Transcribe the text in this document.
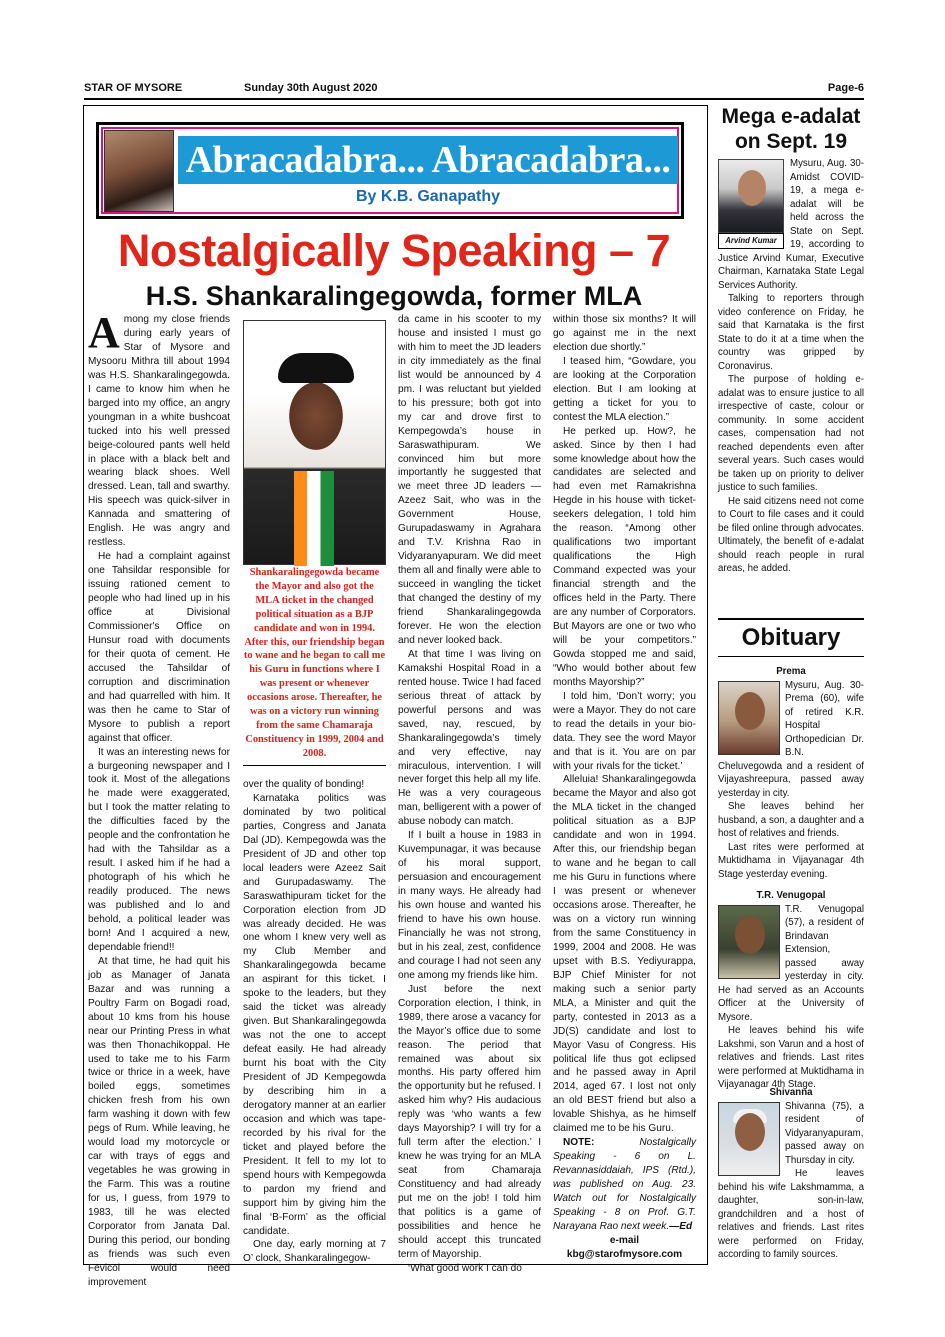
STAR OF MYSORE	Sunday 30th August 2020	Page-6
Abracadabra... Abracadabra...
By K.B. Ganapathy
Nostalgically Speaking – 7
H.S. Shankaralingegowda, former MLA

Among my close friends during early years of Star of Mysore and Mysooru Mithra till about 1994 was H.S. Shankaralingegowda. I came to know him when he barged into my office, an angry youngman in a white bushcoat tucked into his well pressed beige-coloured pants well held in place with a black belt and wearing black shoes. Well dressed. Lean, tall and swarthy. His speech was quick-silver in Kannada and smattering of English. He was angry and restless.

He had a complaint against one Tahsildar responsible for issuing rationed cement to people who had lined up in his office at Divisional Commissioner's Office on Hunsur road with documents for their quota of cement. He accused the Tahsildar of corruption and discrimination and had quarrelled with him. It was then he came to Star of Mysore to publish a report against that officer.

It was an interesting news for a burgeoning newspaper and I took it. Most of the allegations he made were exaggerated, but I took the matter relating to the difficulties faced by the people and the confrontation he had with the Tahsildar as a result. I asked him if he had a photograph of his which he readily produced. The news was published and lo and behold, a political leader was born! And I acquired a new, dependable friend!!

At that time, he had quit his job as Manager of Janata Bazar and was running a Poultry Farm on Bogadi road, about 10 kms from his house near our Printing Press in what was then Thonachikoppal. He used to take me to his Farm twice or thrice in a week, have boiled eggs, sometimes chicken fresh from his own farm washing it down with few pegs of Rum. While leaving, he would load my motorcycle or car with trays of eggs and vegetables he was growing in the Farm. This was a routine for us, I guess, from 1979 to 1983, till he was elected Corporator from Janata Dal. During this period, our bonding as friends was such even Fevicol would need improvement

Shankaralingegowda became the Mayor and also got the MLA ticket in the changed political situation as a BJP candidate and won in 1994. After this, our friendship began to wane and he began to call me his Guru in functions where I was present or whenever occasions arose. Thereafter, he was on a victory run winning from the same Chamaraja Constituency in 1999, 2004 and 2008.

over the quality of bonding!

Karnataka politics was dominated by two political parties, Congress and Janata Dal (JD). Kempegowda was the President of JD and other top local leaders were Azeez Sait and Gurupadaswamy. The Saraswathipuram ticket for the Corporation election from JD was already decided. He was one whom I knew very well as my Club Member and Shankaralingegowda became an aspirant for this ticket. I spoke to the leaders, but they said the ticket was already given. But Shankaralingegowda was not the one to accept defeat easily. He had already burnt his boat with the City President of JD Kempegowda by describing him in a derogatory manner at an earlier occasion and which was tape-recorded by his rival for the ticket and played before the President. It fell to my lot to spend hours with Kempegowda to pardon my friend and support him by giving him the final ‘B-Form’ as the official candidate.

One day, early morning at 7 O’ clock, Shankaralingegow-

da came in his scooter to my house and insisted I must go with him to meet the JD leaders in city immediately as the final list would be announced by 4 pm. I was reluctant but yielded to his pressure; both got into my car and drove first to Kempegowda’s house in Saraswathipuram. We convinced him but more importantly he suggested that we meet three JD leaders — Azeez Sait, who was in the Government House, Gurupadaswamy in Agrahara and T.V. Krishna Rao in Vidyaranyapuram. We did meet them all and finally were able to succeed in wangling the ticket that changed the destiny of my friend Shankaralingegowda forever. He won the election and never looked back.

At that time I was living on Kamakshi Hospital Road in a rented house. Twice I had faced serious threat of attack by powerful persons and was saved, nay, rescued, by Shankaralingegowda’s timely and very effective, nay miraculous, intervention. I will never forget this help all my life. He was a very courageous man, belligerent with a power of abuse nobody can match.

If I built a house in 1983 in Kuvempunagar, it was because of his moral support, persuasion and encouragement in many ways. He already had his own house and wanted his friend to have his own house. Financially he was not strong, but in his zeal, zest, confidence and courage I had not seen any one among my friends like him.

Just before the next Corporation election, I think, in 1989, there arose a vacancy for the Mayor’s office due to some reason. The period that remained was about six months. His party offered him the opportunity but he refused. I asked him why? His audacious reply was ‘who wants a few days Mayorship? I will try for a full term after the election.’ I knew he was trying for an MLA seat from Chamaraja Constituency and had already put me on the job! I told him that politics is a game of possibilities and hence he should accept this truncated term of Mayorship.

‘What good work I can do

within those six months? It will go against me in the next election due shortly.”

I teased him, “Gowdare, you are looking at the Corporation election. But I am looking at getting a ticket for you to contest the MLA election.”

He perked up. How?, he asked. Since by then I had some knowledge about how the candidates are selected and had even met Ramakrishna Hegde in his house with ticket-seekers delegation, I told him the reason. “Among other qualifications two important qualifications the High Command expected was your financial strength and the offices held in the Party. There are any number of Corporators. But Mayors are one or two who will be your competitors.” Gowda stopped me and said, “Who would bother about few months Mayorship?”

I told him, ‘Don’t worry; you were a Mayor. They do not care to read the details in your bio-data. They see the word Mayor and that is it. You are on par with your rivals for the ticket.’

Alleluia! Shankaralingegowda became the Mayor and also got the MLA ticket in the changed political situation as a BJP candidate and won in 1994. After this, our friendship began to wane and he began to call me his Guru in functions where I was present or whenever occasions arose. Thereafter, he was on a victory run winning from the same Constituency in 1999, 2004 and 2008. He was upset with B.S. Yediyurappa, BJP Chief Minister for not making such a senior party MLA, a Minister and quit the party, contested in 2013 as a JD(S) candidate and lost to Mayor Vasu of Congress. His political life thus got eclipsed and he passed away in April 2014, aged 67. I lost not only an old BEST friend but also a lovable Shishya, as he himself claimed me to be his Guru.

NOTE:	Nostalgically Speaking - 6 on L. Revannasiddaiah, IPS (Rtd.), was published on Aug. 23. Watch out for Nostalgically Speaking - 8 on Prof. G.T. Narayana Rao next week.—Ed

e-mail

kbg@starofmysore.com

Mega e-adalat on Sept. 19
Arvind Kumar

Mysuru, Aug. 30- Amidst COVID-19, a mega e-adalat will be held across the State on Sept. 19, according to Justice Arvind Kumar, Executive Chairman, Karnataka State Legal Services Authority.

Talking to reporters through video conference on Friday, he said that Karnataka is the first State to do it at a time when the country was gripped by Coronavirus.

The purpose of holding e-adalat was to ensure justice to all irrespective of caste, colour or community. In some accident cases, compensation had not reached dependents even after several years. Such cases would be taken up on priority to deliver justice to such families.

He said citizens need not come to Court to file cases and it could be filed online through advocates. Ultimately, the benefit of e-adalat should reach people in rural areas, he added.

Obituary
Prema

Mysuru, Aug. 30- Prema (60), wife of retired K.R. Hospital Orthopedician Dr. B.N. Cheluvegowda and a resident of Vijayashreepura, passed away yesterday in city.

She leaves behind her husband, a son, a daughter and a host of relatives and friends.

Last rites were performed at Muktidhama in Vijayanagar 4th Stage yesterday evening.

T.R. Venugopal

T.R. Venugopal (57), a resident of Brindavan Extension, passed away yesterday in city. He had served as an Accounts Officer at the University of Mysore.

He leaves behind his wife Lakshmi, son Varun and a host of relatives and friends. Last rites were performed at Muktidhama in Vijayanagar 4th Stage.

Shivanna

Shivanna (75), a resident of Vidyaranyapuram, passed away on Thursday in city.

He leaves behind his wife Lakshmamma, a daughter, son-in-law, grandchildren and a host of relatives and friends. Last rites were performed on Friday, according to family sources.
